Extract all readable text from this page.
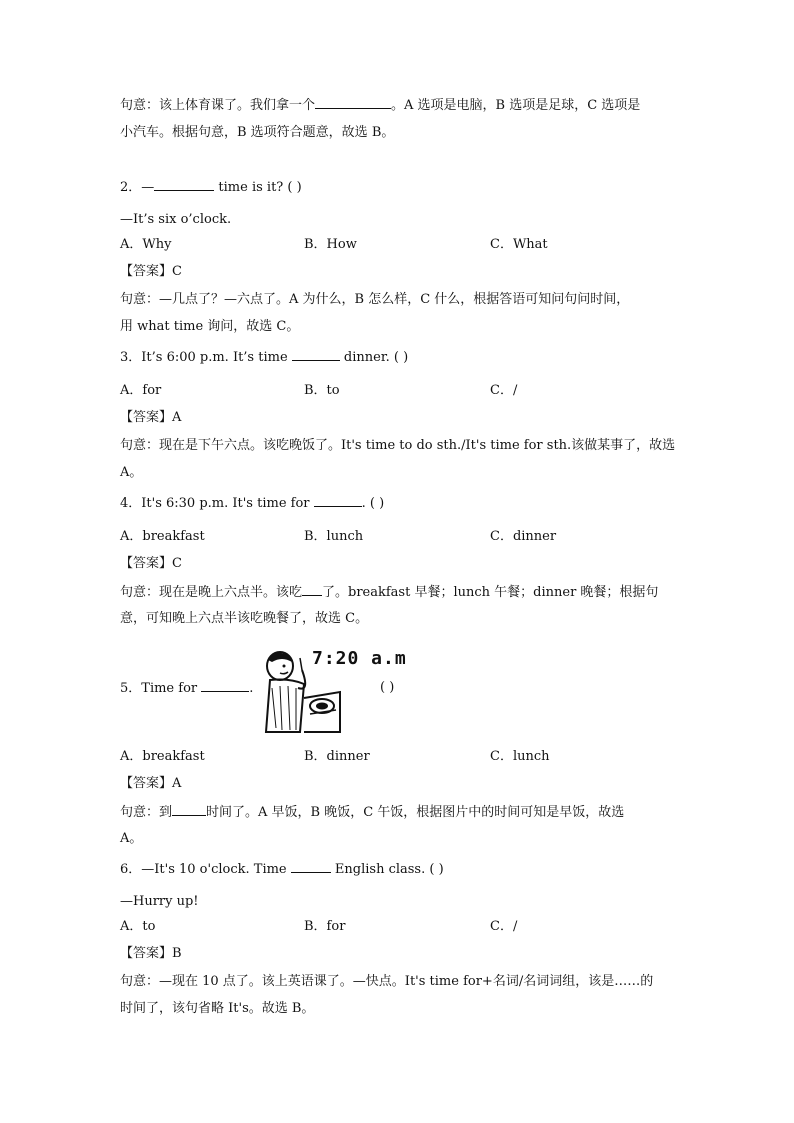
句意：该上体育课了。我们拿一个	。A 选项是电脑，B 选项是足球，C 选项是
小汽车。根据句意，B 选项符合题意，故选 B。
2．—	time is it? ( )
—It’s six o’clock.
A．Why	B．How	C．What
【答案】C
句意：—几点了？—六点了。A 为什么，B 怎么样，C 什么，根据答语可知问句问时间，
用 what time 询问，故选 C。
3．It’s 6:00 p.m. It’s time	dinner. ( )
A．for	B．to	C．/
【答案】A
句意：现在是下午六点。该吃晚饭了。It's time to do sth./It's time for sth.该做某事了，故选
A。
4．It's 6:30 p.m. It's time for	. ( )
A．breakfast	B．lunch	C．dinner
【答案】C
句意：现在是晚上六点半。该吃 了。breakfast 早餐；lunch 午餐；dinner 晚餐；根据句
意，可知晚上六点半该吃晚餐了，故选 C。
5．Time for	.
7:20 a.m
( )
A．breakfast	B．dinner	C．lunch
【答案】A
句意：到	时间了。A 早饭，B 晚饭，C 午饭，根据图片中的时间可知是早饭，故选
A。
6．—It's 10 o'clock. Time	English class. ( )
—Hurry up!
A．to	B．for	C．/
【答案】B
句意：—现在 10 点了。该上英语课了。—快点。It's time for+名词/名词词组，该是……的
时间了，该句省略 It's。故选 B。
